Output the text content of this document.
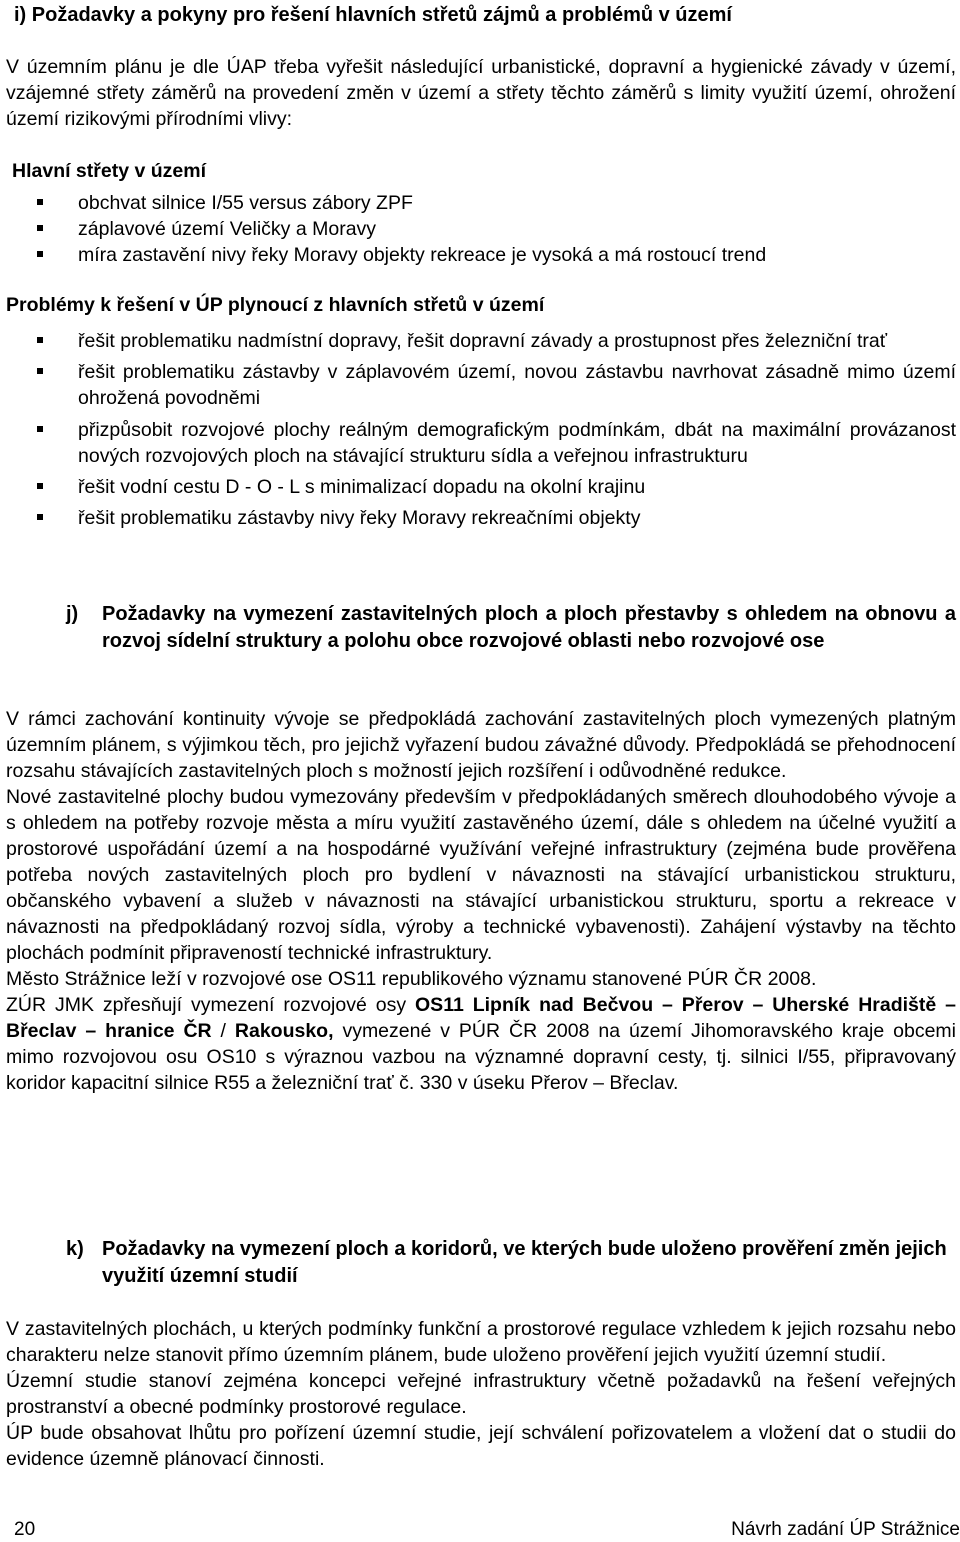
i) Požadavky a pokyny pro řešení hlavních střetů zájmů a problémů v území

V územním plánu je dle ÚAP třeba vyřešit následující urbanistické, dopravní a hygienické závady v území, vzájemné střety záměrů na provedení změn v území a střety těchto záměrů s limity využití území, ohrožení území rizikovými přírodními vlivy:

Hlavní střety v území

obchvat silnice I/55 versus zábory ZPF
záplavové území Veličky a Moravy
míra zastavění nivy řeky Moravy objekty rekreace je vysoká a má rostoucí trend

Problémy k řešení v ÚP plynoucí z hlavních střetů v území

řešit problematiku nadmístní dopravy, řešit dopravní závady a prostupnost přes železniční trať
řešit problematiku zástavby v záplavovém území, novou zástavbu navrhovat zásadně mimo území ohrožená povodněmi
přizpůsobit rozvojové plochy reálným demografickým podmínkám, dbát na maximální provázanost nových rozvojových ploch na stávající strukturu sídla a veřejnou infrastrukturu
řešit vodní cestu D - O - L s minimalizací dopadu na okolní krajinu
řešit problematiku zástavby nivy řeky Moravy rekreačními objekty
j) Požadavky na vymezení zastavitelných ploch a ploch přestavby s ohledem na obnovu a rozvoj sídelní struktury a polohu obce rozvojové oblasti nebo rozvojové ose

V rámci zachování kontinuity vývoje se předpokládá zachování zastavitelných ploch vymezených platným územním plánem, s výjimkou těch, pro jejichž vyřazení budou závažné důvody. Předpokládá se přehodnocení rozsahu stávajících zastavitelných ploch s možností jejich rozšíření i odůvodněné redukce.

Nové zastavitelné plochy budou vymezovány především v předpokládaných směrech dlouhodobého vývoje a s ohledem na potřeby rozvoje města a míru využití zastavěného území, dále s ohledem na účelné využití a prostorové uspořádání území a na hospodárné využívání veřejné infrastruktury (zejména bude prověřena potřeba nových zastavitelných ploch pro bydlení v návaznosti na stávající urbanistickou strukturu, občanského vybavení a služeb v návaznosti na stávající urbanistickou strukturu, sportu a rekreace v návaznosti na předpokládaný rozvoj sídla, výroby a technické vybavenosti). Zahájení výstavby na těchto plochách podmínit připraveností technické infrastruktury.

Město Strážnice leží v rozvojové ose OS11 republikového významu stanovené PÚR ČR 2008.

ZÚR JMK zpřesňují vymezení rozvojové osy OS11 Lipník nad Bečvou – Přerov – Uherské Hradiště – Břeclav – hranice ČR / Rakousko, vymezené v PÚR ČR 2008 na území Jihomoravského kraje obcemi mimo rozvojovou osu OS10 s výraznou vazbou na významné dopravní cesty, tj. silnici I/55, připravovaný koridor kapacitní silnice R55 a železniční trať č. 330 v úseku Přerov – Břeclav.

k) Požadavky na vymezení ploch a koridorů, ve kterých bude uloženo prověření změn jejich využití územní studií

V zastavitelných plochách, u kterých podmínky funkční a prostorové regulace vzhledem k jejich rozsahu nebo charakteru nelze stanovit přímo územním plánem, bude uloženo prověření jejich využití územní studií.

Územní studie stanoví zejména koncepci veřejné infrastruktury včetně požadavků na řešení veřejných prostranství a obecné podmínky prostorové regulace.

ÚP bude obsahovat lhůtu pro pořízení územní studie, její schválení pořizovatelem a vložení dat o studii do evidence územně plánovací činnosti.

20	Návrh zadání ÚP Strážnice
